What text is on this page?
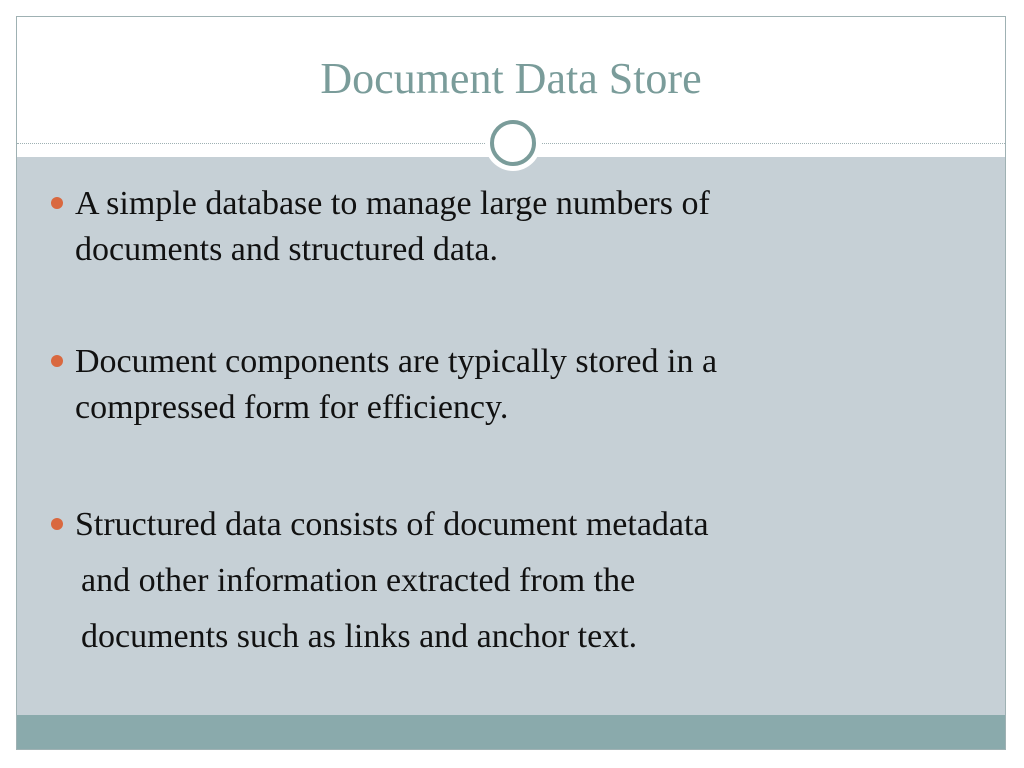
Document Data Store
A simple database to manage large numbers of
documents and structured data.
Document components are typically stored in a
compressed form for efficiency.
Structured data consists of document metadata
and other information extracted from the
documents such as links and anchor text.
